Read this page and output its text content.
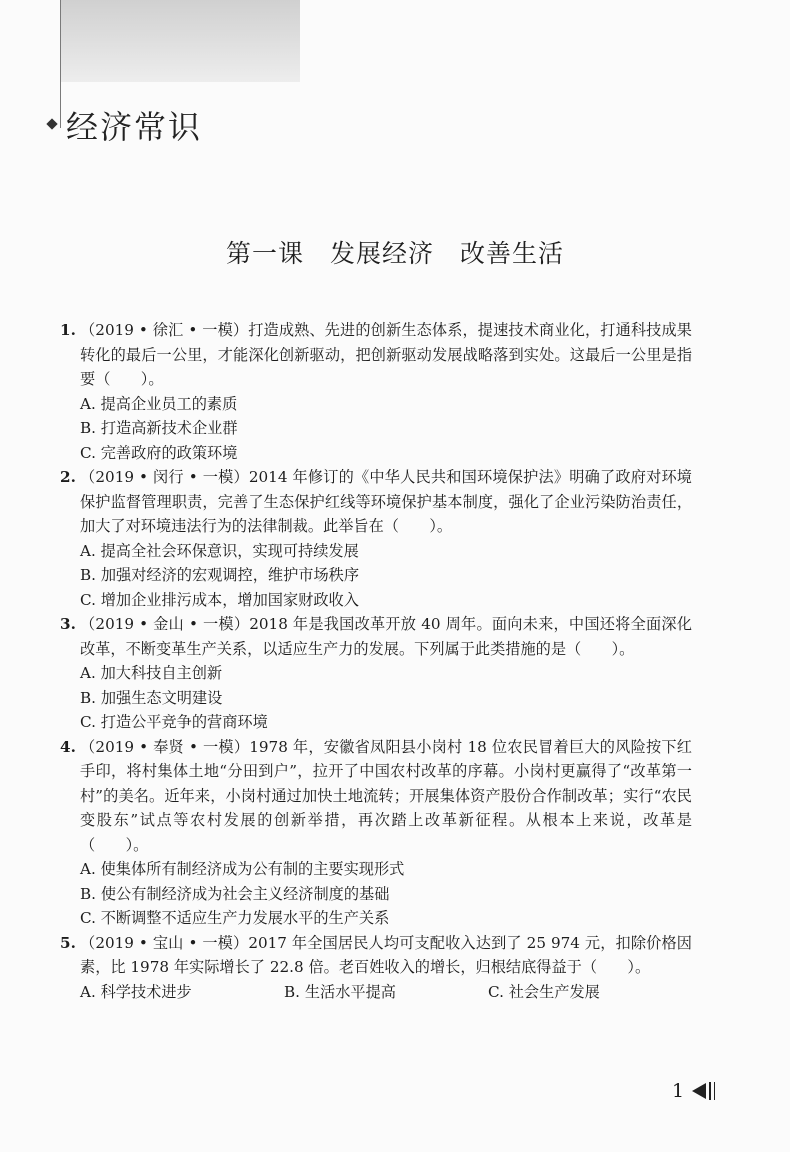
经济常识
第一课　发展经济　改善生活
1. （2019 • 徐汇 • 一模）打造成熟、先进的创新生态体系，提速技术商业化，打通科技成果转化的最后一公里，才能深化创新驱动，把创新驱动发展战略落到实处。这最后一公里是指要（　　）。
A. 提高企业员工的素质
B. 打造高新技术企业群
C. 完善政府的政策环境
2. （2019 • 闵行 • 一模）2014 年修订的《中华人民共和国环境保护法》明确了政府对环境保护监督管理职责，完善了生态保护红线等环境保护基本制度，强化了企业污染防治责任，加大了对环境违法行为的法律制裁。此举旨在（　　）。
A. 提高全社会环保意识，实现可持续发展
B. 加强对经济的宏观调控，维护市场秩序
C. 增加企业排污成本，增加国家财政收入
3. （2019 • 金山 • 一模）2018 年是我国改革开放 40 周年。面向未来，中国还将全面深化改革，不断变革生产关系，以适应生产力的发展。下列属于此类措施的是（　　）。
A. 加大科技自主创新
B. 加强生态文明建设
C. 打造公平竞争的营商环境
4. （2019 • 奉贤 • 一模）1978 年，安徽省凤阳县小岗村 18 位农民冒着巨大的风险按下红手印，将村集体土地“分田到户”，拉开了中国农村改革的序幕。小岗村更赢得了“改革第一村”的美名。近年来，小岗村通过加快土地流转；开展集体资产股份合作制改革；实行“农民变股东”试点等农村发展的创新举措，再次踏上改革新征程。从根本上来说，改革是（　　）。
A. 使集体所有制经济成为公有制的主要实现形式
B. 使公有制经济成为社会主义经济制度的基础
C. 不断调整不适应生产力发展水平的生产关系
5. （2019 • 宝山 • 一模）2017 年全国居民人均可支配收入达到了 25 974 元，扣除价格因素，比 1978 年实际增长了 22.8 倍。老百姓收入的增长，归根结底得益于（　　）。
A. 科学技术进步	B. 生活水平提高	C. 社会生产发展
1
